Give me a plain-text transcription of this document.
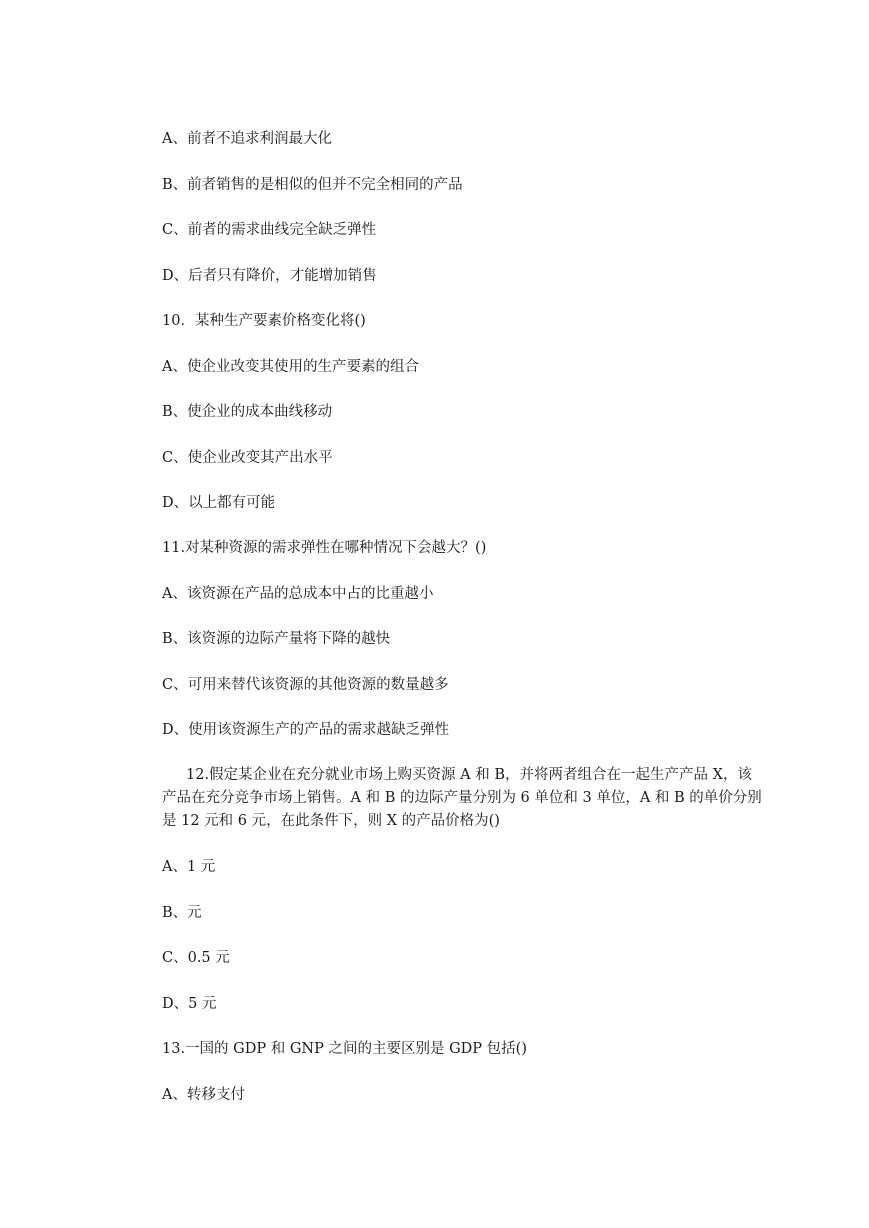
A、前者不追求利润最大化
B、前者销售的是相似的但并不完全相同的产品
C、前者的需求曲线完全缺乏弹性
D、后者只有降价，才能增加销售
10．某种生产要素价格变化将()
A、使企业改变其使用的生产要素的组合
B、使企业的成本曲线移动
C、使企业改变其产出水平
D、以上都有可能
11.对某种资源的需求弹性在哪种情况下会越大？()
A、该资源在产品的总成本中占的比重越小
B、该资源的边际产量将下降的越快
C、可用来替代该资源的其他资源的数量越多
D、使用该资源生产的产品的需求越缺乏弹性
12.假定某企业在充分就业市场上购买资源 A 和 B，并将两者组合在一起生产产品 X，该
产品在充分竞争市场上销售。A 和 B 的边际产量分别为 6 单位和 3 单位，A 和 B 的单价分别
是 12 元和 6 元，在此条件下，则 X 的产品价格为()
A、1 元
B、元
C、0.5 元
D、5 元
13.一国的 GDP 和 GNP 之间的主要区别是 GDP 包括()
A、转移支付
